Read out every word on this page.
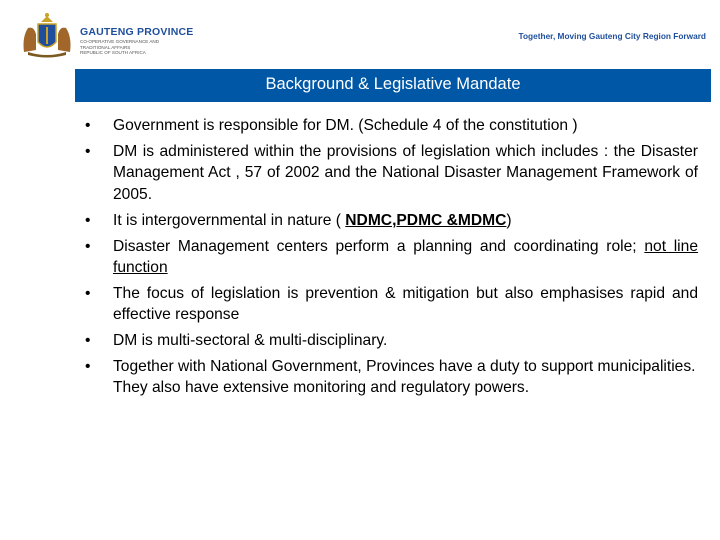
GAUTENG PROVINCE
CO-OPERATIVE GOVERNANCE AND
TRADITIONAL AFFAIRS
REPUBLIC OF SOUTH AFRICA
Together, Moving Gauteng City Region Forward
Background & Legislative Mandate
• Government is responsible for DM. (Schedule 4 of the constitution )
• DM is administered within the provisions of legislation which includes : the Disaster Management Act , 57 of 2002 and the National Disaster Management Framework of 2005.
• It is intergovernmental in nature ( NDMC,PDMC &MDMC)
• Disaster Management centers perform a planning and coordinating role; not line function
• The focus of legislation is prevention & mitigation but also emphasises rapid and effective response
• DM is multi-sectoral & multi-disciplinary.
• Together with National Government, Provinces have a duty to support municipalities. They also have extensive monitoring and regulatory powers.
